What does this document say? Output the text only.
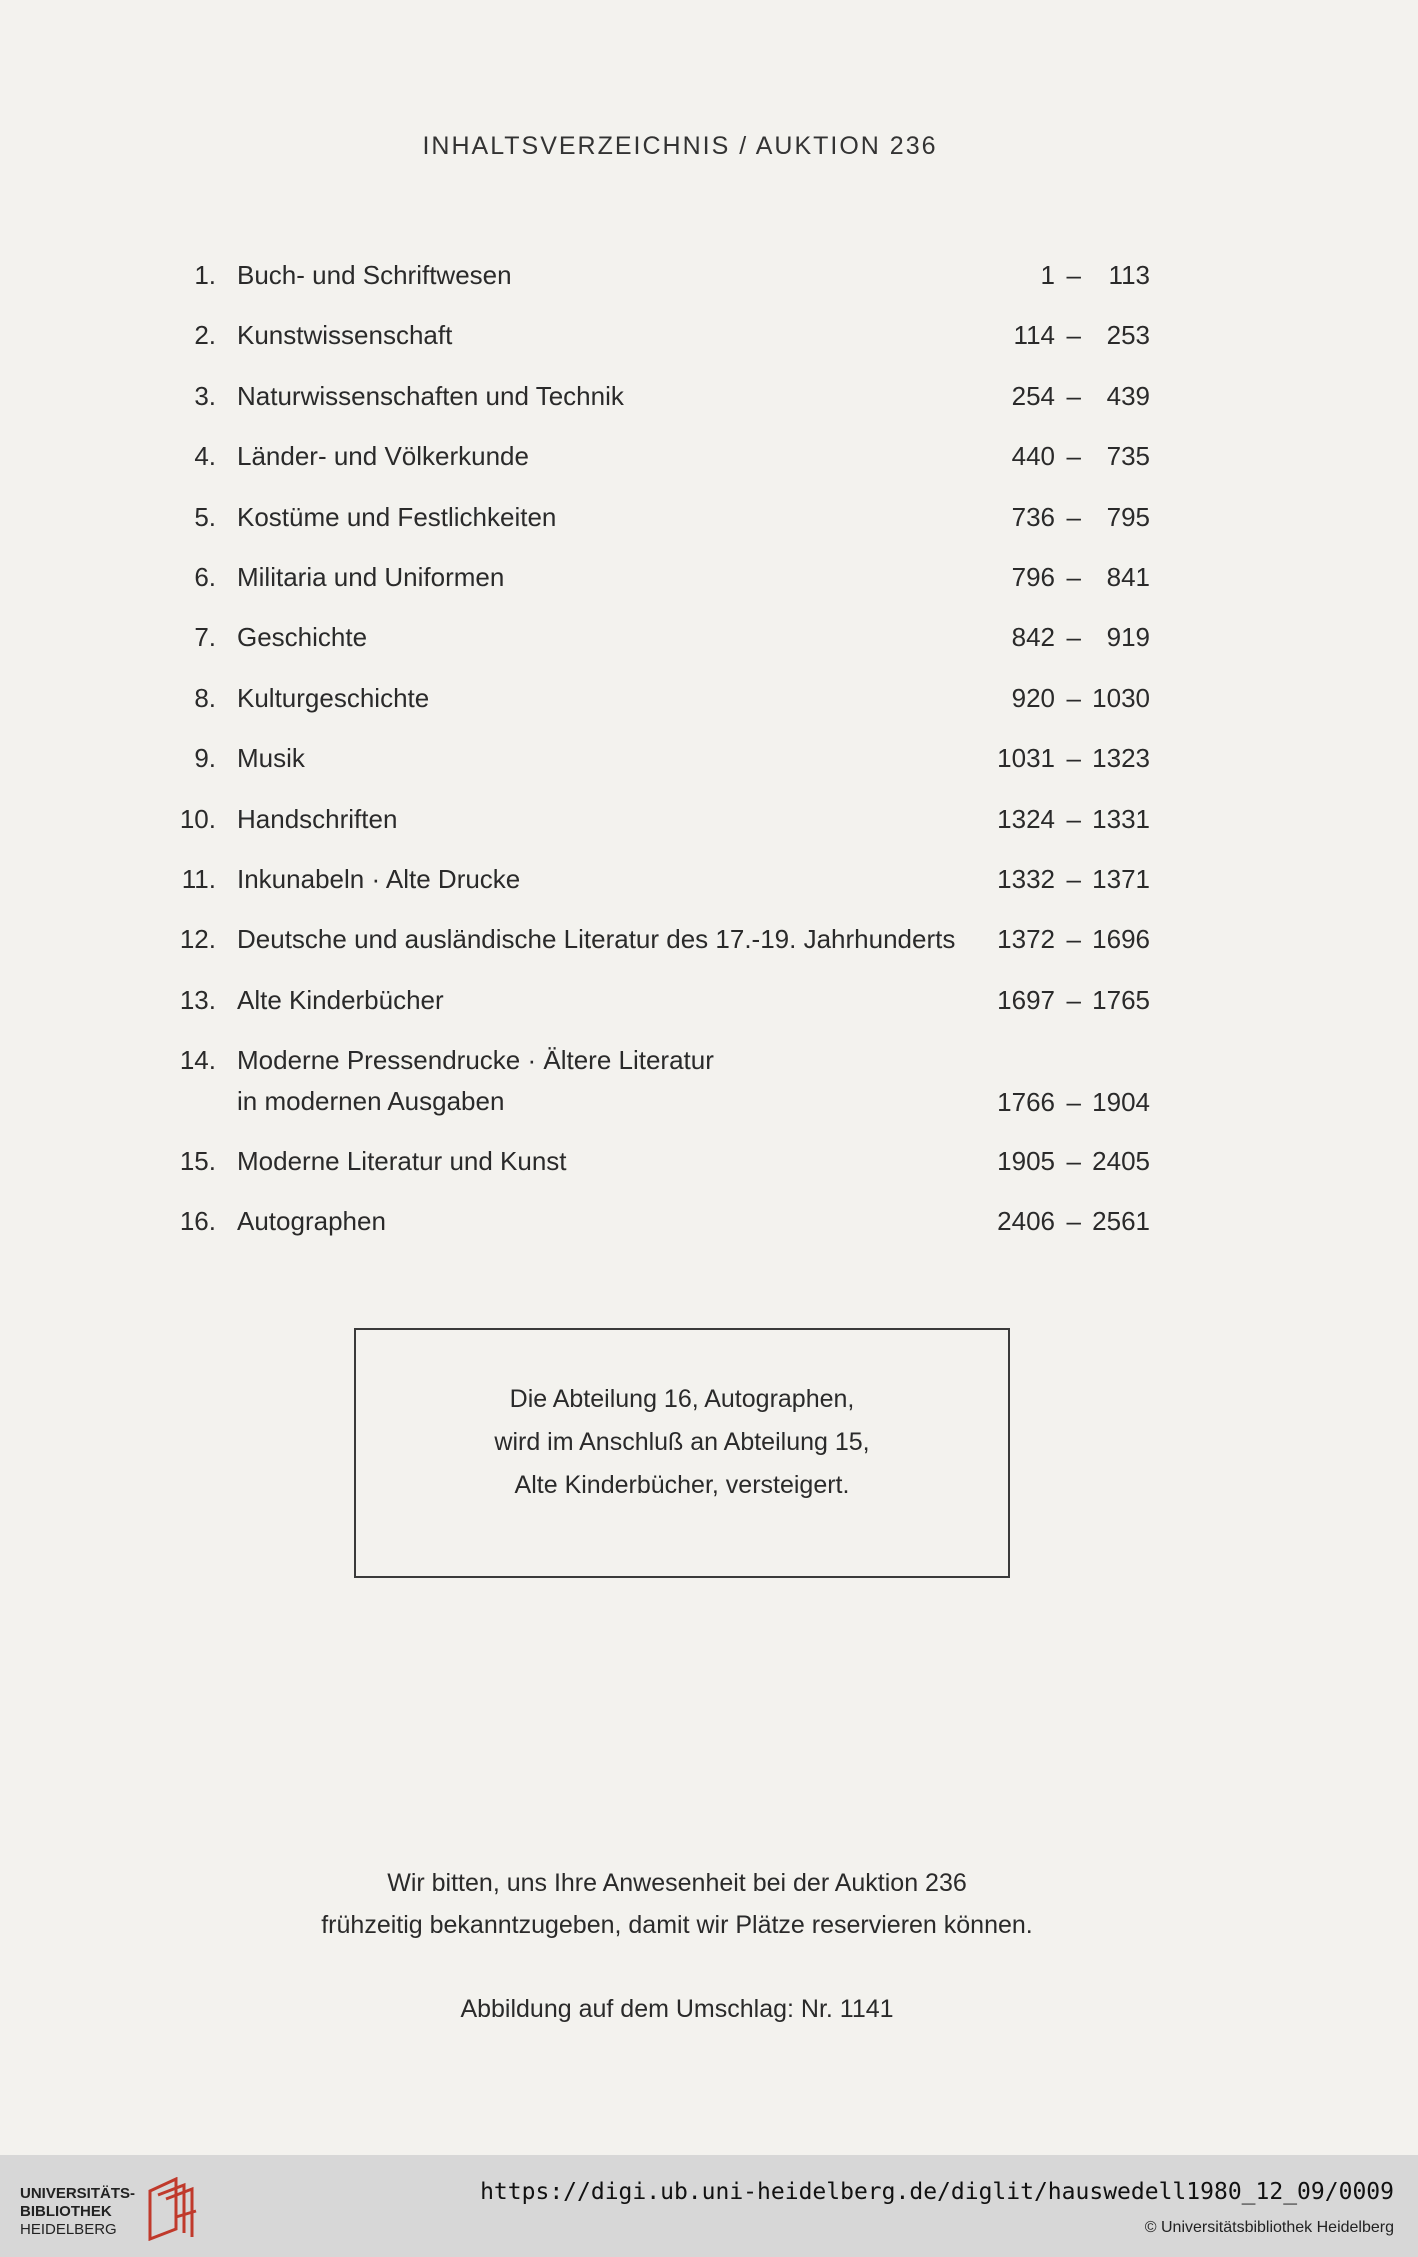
INHALTSVERZEICHNIS / AUKTION 236
1. Buch- und Schriftwesen	1 – 113
2. Kunstwissenschaft	114 – 253
3. Naturwissenschaften und Technik	254 – 439
4. Länder- und Völkerkunde	440 – 735
5. Kostüme und Festlichkeiten	736 – 795
6. Militaria und Uniformen	796 – 841
7. Geschichte	842 – 919
8. Kulturgeschichte	920 – 1030
9. Musik	1031 – 1323
10. Handschriften	1324 – 1331
11. Inkunabeln · Alte Drucke	1332 – 1371
12. Deutsche und ausländische Literatur des 17.-19. Jahrhunderts 1372 – 1696
13. Alte Kinderbücher	1697 – 1765
14. Moderne Pressendrucke · Ältere Literatur
in modernen Ausgaben	1766 – 1904
15. Moderne Literatur und Kunst	1905 – 2405
16. Autographen	2406 – 2561
Die Abteilung 16, Autographen,
wird im Anschluß an Abteilung 15,
Alte Kinderbücher, versteigert.
Wir bitten, uns Ihre Anwesenheit bei der Auktion 236
frühzeitig bekanntzugeben, damit wir Plätze reservieren können.
Abbildung auf dem Umschlag: Nr. 1141
UNIVERSITÄTS-
BIBLIOTHEK
HEIDELBERG
https://digi.ub.uni-heidelberg.de/diglit/hauswedell1980_12_09/0009
© Universitätsbibliothek Heidelberg
